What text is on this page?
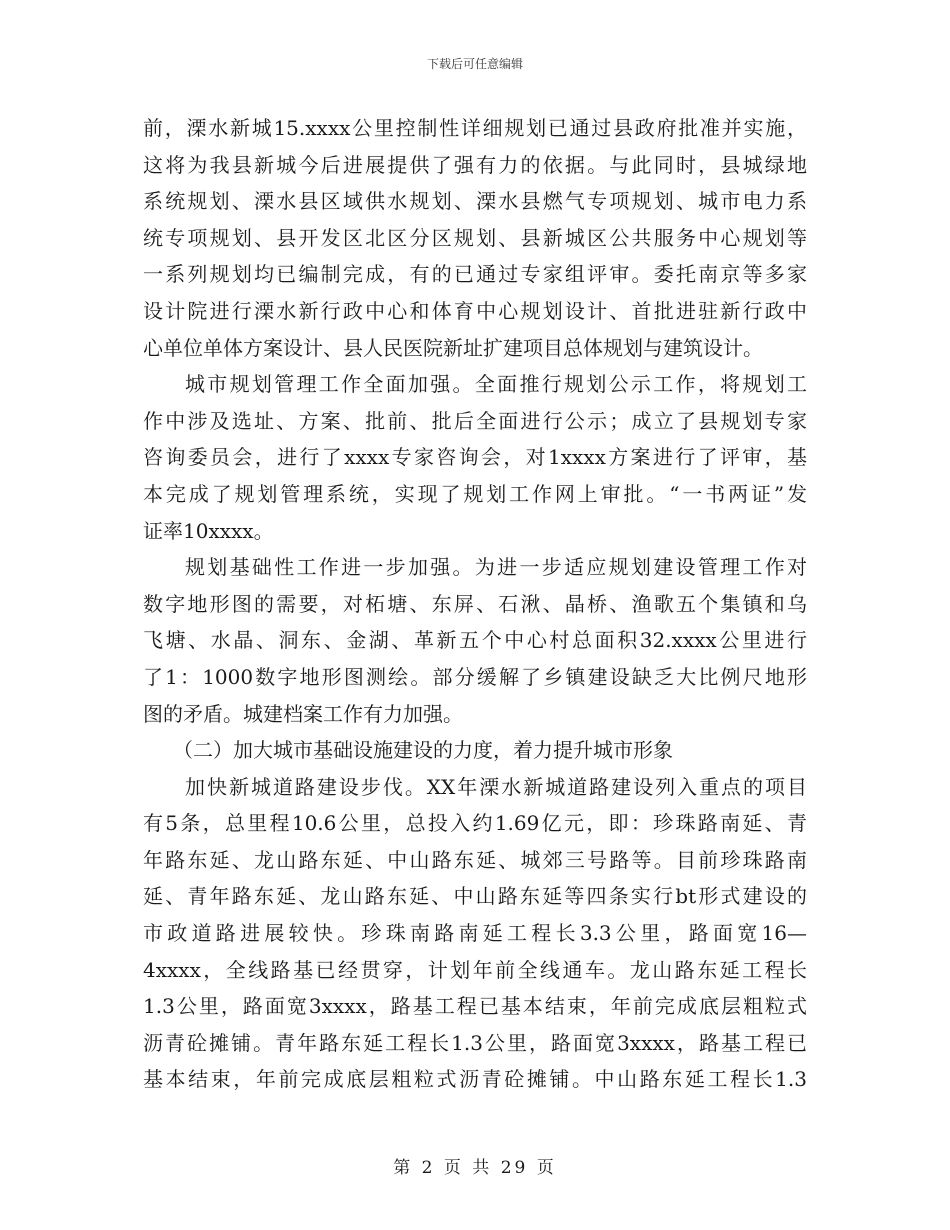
下载后可任意编辑
前，溧水新城15.xxxx公里控制性详细规划已通过县政府批准并实施，
这将为我县新城今后进展提供了强有力的依据。与此同时，县城绿地
系统规划、溧水县区域供水规划、溧水县燃气专项规划、城市电力系
统专项规划、县开发区北区分区规划、县新城区公共服务中心规划等
一系列规划均已编制完成，有的已通过专家组评审。委托南京等多家
设计院进行溧水新行政中心和体育中心规划设计、首批进驻新行政中
心单位单体方案设计、县人民医院新址扩建项目总体规划与建筑设计。
城市规划管理工作全面加强。全面推行规划公示工作，将规划工
作中涉及选址、方案、批前、批后全面进行公示；成立了县规划专家
咨询委员会，进行了xxxx专家咨询会，对1xxxx方案进行了评审，基
本完成了规划管理系统，实现了规划工作网上审批。“一书两证”发
证率10xxxx。
规划基础性工作进一步加强。为进一步适应规划建设管理工作对
数字地形图的需要，对柘塘、东屏、石湫、晶桥、渔歌五个集镇和乌
飞塘、水晶、洞东、金湖、革新五个中心村总面积32.xxxx公里进行
了1：1000数字地形图测绘。部分缓解了乡镇建设缺乏大比例尺地形
图的矛盾。城建档案工作有力加强。
（二）加大城市基础设施建设的力度，着力提升城市形象
加快新城道路建设步伐。XX年溧水新城道路建设列入重点的项目
有5条，总里程10.6公里，总投入约1.69亿元，即：珍珠路南延、青
年路东延、龙山路东延、中山路东延、城郊三号路等。目前珍珠路南
延、青年路东延、龙山路东延、中山路东延等四条实行bt形式建设的
市政道路进展较快。珍珠南路南延工程长3.3公里，路面宽16—
4xxxx，全线路基已经贯穿，计划年前全线通车。龙山路东延工程长
1.3公里，路面宽3xxxx，路基工程已基本结束，年前完成底层粗粒式
沥青砼摊铺。青年路东延工程长1.3公里，路面宽3xxxx，路基工程已
基本结束，年前完成底层粗粒式沥青砼摊铺。中山路东延工程长1.3
第 2 页 共 29 页
